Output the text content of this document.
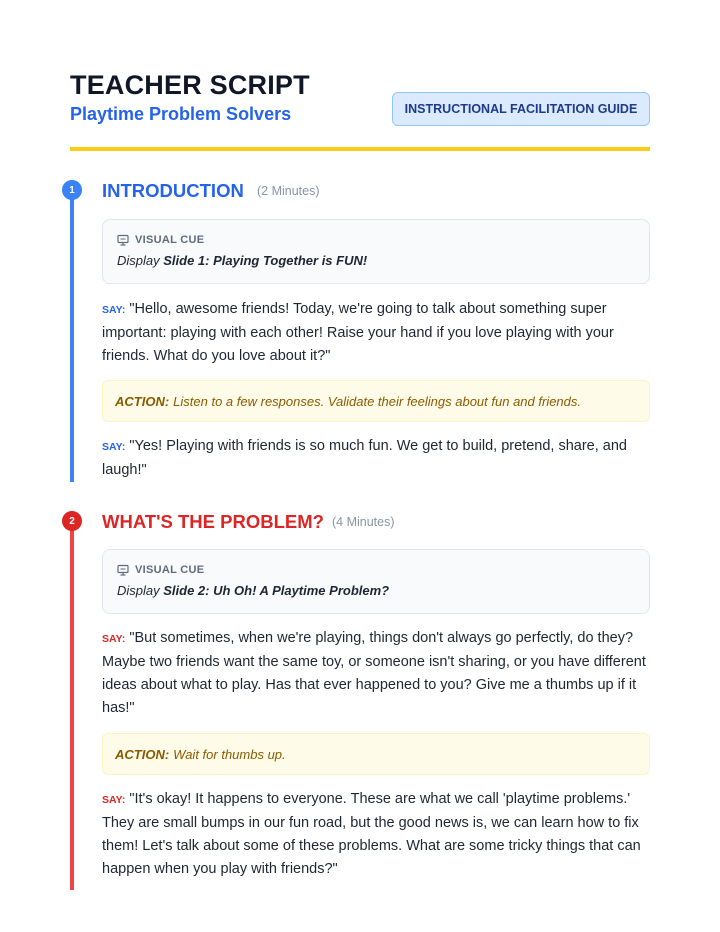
TEACHER SCRIPT
Playtime Problem Solvers	INSTRUCTIONAL FACILITATION GUIDE
1	INTRODUCTION (2 Minutes)
VISUAL CUE
Display Slide 1: Playing Together is FUN!
SAY: "Hello, awesome friends! Today, we're going to talk about something super important: playing with each other! Raise your hand if you love playing with your friends. What do you love about it?"
ACTION: Listen to a few responses. Validate their feelings about fun and friends.
SAY: "Yes! Playing with friends is so much fun. We get to build, pretend, share, and laugh!"
2	WHAT'S THE PROBLEM? (4 Minutes)
VISUAL CUE
Display Slide 2: Uh Oh! A Playtime Problem?
SAY: "But sometimes, when we're playing, things don't always go perfectly, do they? Maybe two friends want the same toy, or someone isn't sharing, or you have different ideas about what to play. Has that ever happened to you? Give me a thumbs up if it has!"
ACTION: Wait for thumbs up.
SAY: "It's okay! It happens to everyone. These are what we call 'playtime problems.' They are small bumps in our fun road, but the good news is, we can learn how to fix them! Let's talk about some of these problems. What are some tricky things that can happen when you play with friends?"
